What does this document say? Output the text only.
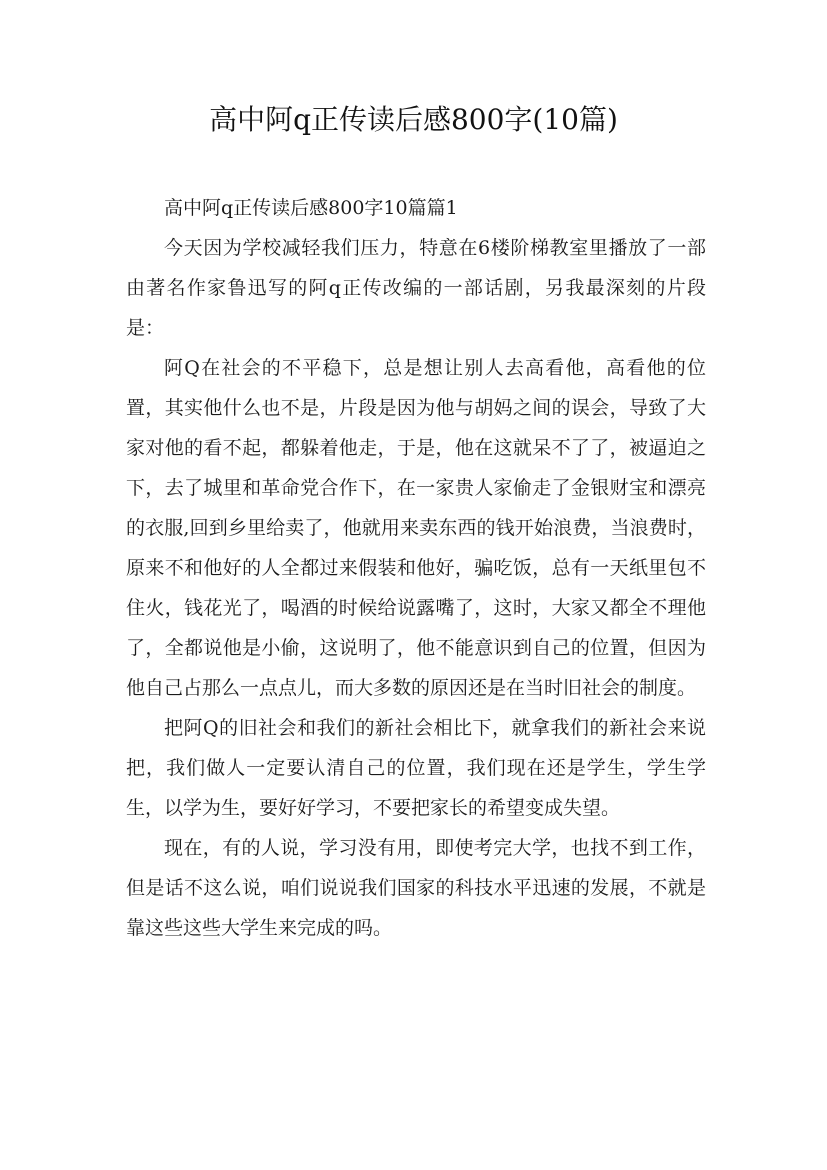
高中阿q正传读后感800字(10篇)

高中阿q正传读后感800字10篇篇1

今天因为学校减轻我们压力，特意在6楼阶梯教室里播放了一部由著名作家鲁迅写的阿q正传改编的一部话剧，另我最深刻的片段是：

阿Q在社会的不平稳下，总是想让别人去高看他，高看他的位置，其实他什么也不是，片段是因为他与胡妈之间的误会，导致了大家对他的看不起，都躲着他走，于是，他在这就呆不了了，被逼迫之下，去了城里和革命党合作下，在一家贵人家偷走了金银财宝和漂亮的衣服,回到乡里给卖了，他就用来卖东西的钱开始浪费，当浪费时，原来不和他好的人全都过来假装和他好，骗吃饭，总有一天纸里包不住火，钱花光了，喝酒的时候给说露嘴了，这时，大家又都全不理他了，全都说他是小偷，这说明了，他不能意识到自己的位置，但因为他自己占那么一点点儿，而大多数的原因还是在当时旧社会的制度。

把阿Q的旧社会和我们的新社会相比下，就拿我们的新社会来说把，我们做人一定要认清自己的位置，我们现在还是学生，学生学生，以学为生，要好好学习，不要把家长的希望变成失望。

现在，有的人说，学习没有用，即使考完大学，也找不到工作，但是话不这么说，咱们说说我们国家的科技水平迅速的发展，不就是靠这些这些大学生来完成的吗。
